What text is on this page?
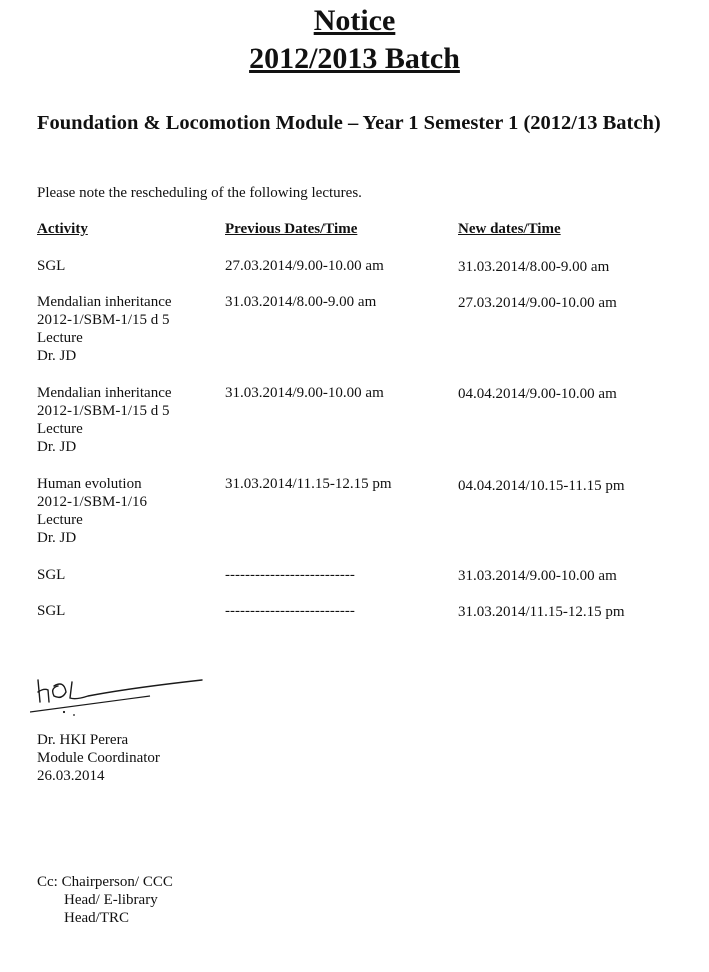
Notice
2012/2013 Batch
Foundation & Locomotion Module – Year 1 Semester 1 (2012/13 Batch)
Please note the rescheduling of the following lectures.
Activity	Previous Dates/Time	New dates/Time
SGL	27.03.2014/9.00-10.00 am	31.03.2014/8.00-9.00 am
Mendalian inheritance
2012-1/SBM-1/15 d 5
Lecture
Dr. JD
31.03.2014/8.00-9.00 am	27.03.2014/9.00-10.00 am
Mendalian inheritance
2012-1/SBM-1/15 d 5
Lecture
Dr. JD
31.03.2014/9.00-10.00 am	04.04.2014/9.00-10.00 am
Human evolution
2012-1/SBM-1/16
Lecture
Dr. JD
31.03.2014/11.15-12.15 pm	04.04.2014/10.15-11.15 pm
SGL	--------------------------	31.03.2014/9.00-10.00 am
SGL	--------------------------	31.03.2014/11.15-12.15 pm
Dr. HKI Perera
Module Coordinator
26.03.2014
Cc: Chairperson/ CCC
Head/ E-library
Head/TRC
